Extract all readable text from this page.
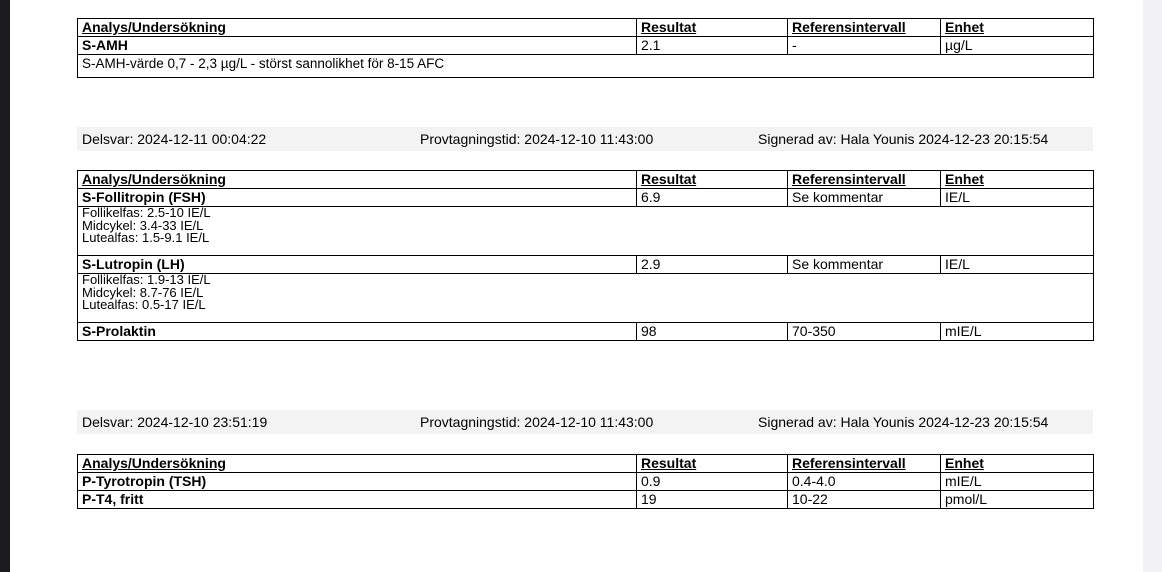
Analys/Undersökning	Resultat	Referensintervall	Enhet
S-AMH	2.1	-	µg/L
S-AMH-värde 0,7 - 2,3 µg/L - störst sannolikhet för 8-15 AFC			
Delsvar: 2024-12-11 00:04:22	Provtagningstid: 2024-12-10 11:43:00	Signerad av: Hala Younis 2024-12-23 20:15:54
Analys/Undersökning	Resultat	Referensintervall	Enhet
S-Follitropin (FSH)	6.9	Se kommentar	IE/L

Follikelfas: 2.5-10 IE/L
Midcykel: 3.4-33 IE/L
Lutealfas: 1.5-9.1 IE/L			

S-Lutropin (LH)	2.9	Se kommentar	IE/L

Follikelfas: 1.9-13 IE/L
Midcykel: 8.7-76 IE/L
Lutealfas: 0.5-17 IE/L			

S-Prolaktin	98	70-350	mIE/L
Delsvar: 2024-12-10 23:51:19	Provtagningstid: 2024-12-10 11:43:00	Signerad av: Hala Younis 2024-12-23 20:15:54
Analys/Undersökning	Resultat	Referensintervall	Enhet
P-Tyrotropin (TSH)	0.9	0.4-4.0	mIE/L
P-T4, fritt	19	10-22	pmol/L
